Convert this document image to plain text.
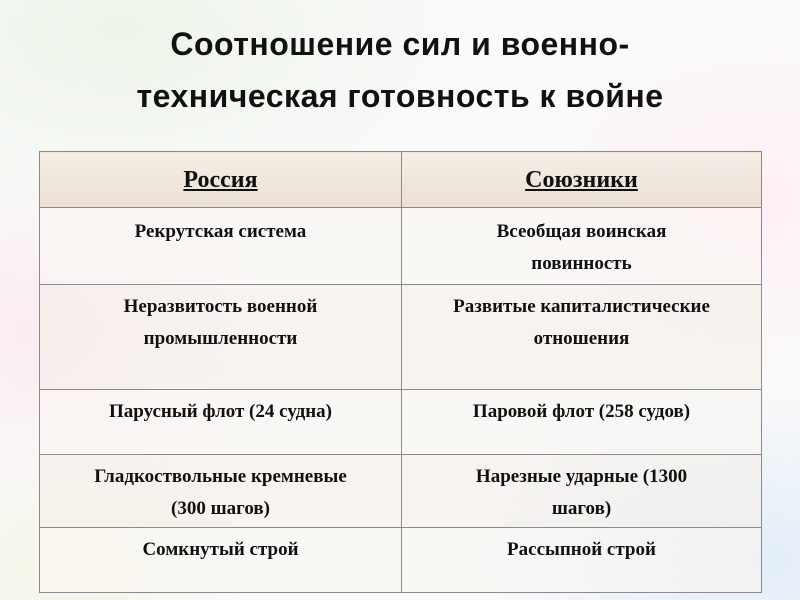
Соотношение сил и военно-
техническая готовность к войне
Россия	Союзники

Рекрутская система	Всеобщая воинская повинность

Неразвитость военной промышленности	Развитые капиталистические отношения

Парусный флот (24 судна)	Паровой флот (258 судов)

Гладкоствольные кремневые (300 шагов)	Нарезные ударные (1300 шагов)

Сомкнутый строй	Рассыпной строй
